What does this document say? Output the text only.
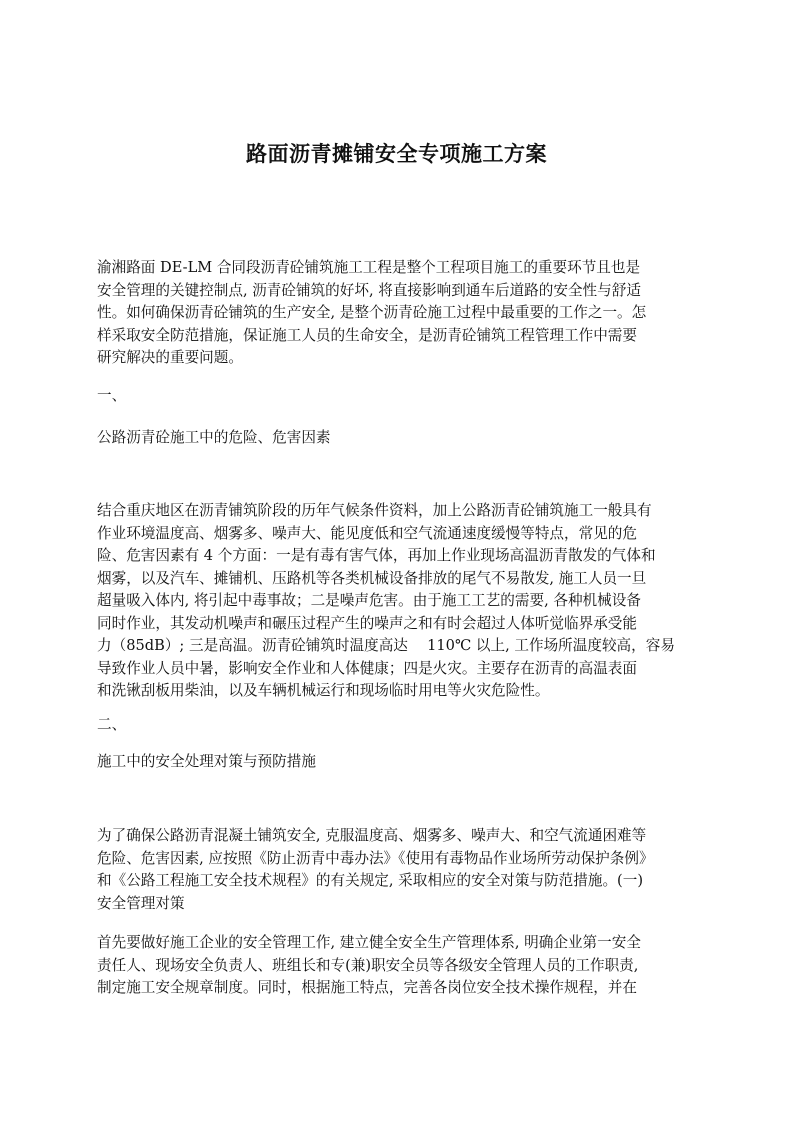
路面沥青摊铺安全专项施工方案
渝湘路面 DE-LM 合同段沥青砼铺筑施工工程是整个工程项目施工的重要环节且也是
安全管理的关键控制点, 沥青砼铺筑的好坏, 将直接影响到通车后道路的安全性与舒适
性。如何确保沥青砼铺筑的生产安全, 是整个沥青砼施工过程中最重要的工作之一。怎
样采取安全防范措施，保证施工人员的生命安全，是沥青砼铺筑工程管理工作中需要
研究解决的重要问题。
一、
公路沥青砼施工中的危险、危害因素
结合重庆地区在沥青铺筑阶段的历年气候条件资料，加上公路沥青砼铺筑施工一般具有
作业环境温度高、烟雾多、噪声大、能见度低和空气流通速度缓慢等特点，常见的危
险、危害因素有 4 个方面：一是有毒有害气体，再加上作业现场高温沥青散发的气体和
烟雾，以及汽车、摊铺机、压路机等各类机械设备排放的尾气不易散发, 施工人员一旦
超量吸入体内, 将引起中毒事故；二是噪声危害。由于施工工艺的需要, 各种机械设备
同时作业，其发动机噪声和碾压过程产生的噪声之和有时会超过人体听觉临界承受能
力（85dB）; 三是高温。沥青砼铺筑时温度高达　 110℃ 以上, 工作场所温度较高，容易
导致作业人员中暑，影响安全作业和人体健康；四是火灾。主要存在沥青的高温表面
和洗锹刮板用柴油，以及车辆机械运行和现场临时用电等火灾危险性。
二、
施工中的安全处理对策与预防措施
为了确保公路沥青混凝土铺筑安全, 克服温度高、烟雾多、噪声大、和空气流通困难等
危险、危害因素, 应按照《防止沥青中毒办法》《使用有毒物品作业场所劳动保护条例》
和《公路工程施工安全技术规程》的有关规定, 采取相应的安全对策与防范措施。(一)
安全管理对策
首先要做好施工企业的安全管理工作, 建立健全安全生产管理体系, 明确企业第一安全
责任人、现场安全负责人、班组长和专(兼)职安全员等各级安全管理人员的工作职责,
制定施工安全规章制度。同时，根据施工特点，完善各岗位安全技术操作规程，并在
